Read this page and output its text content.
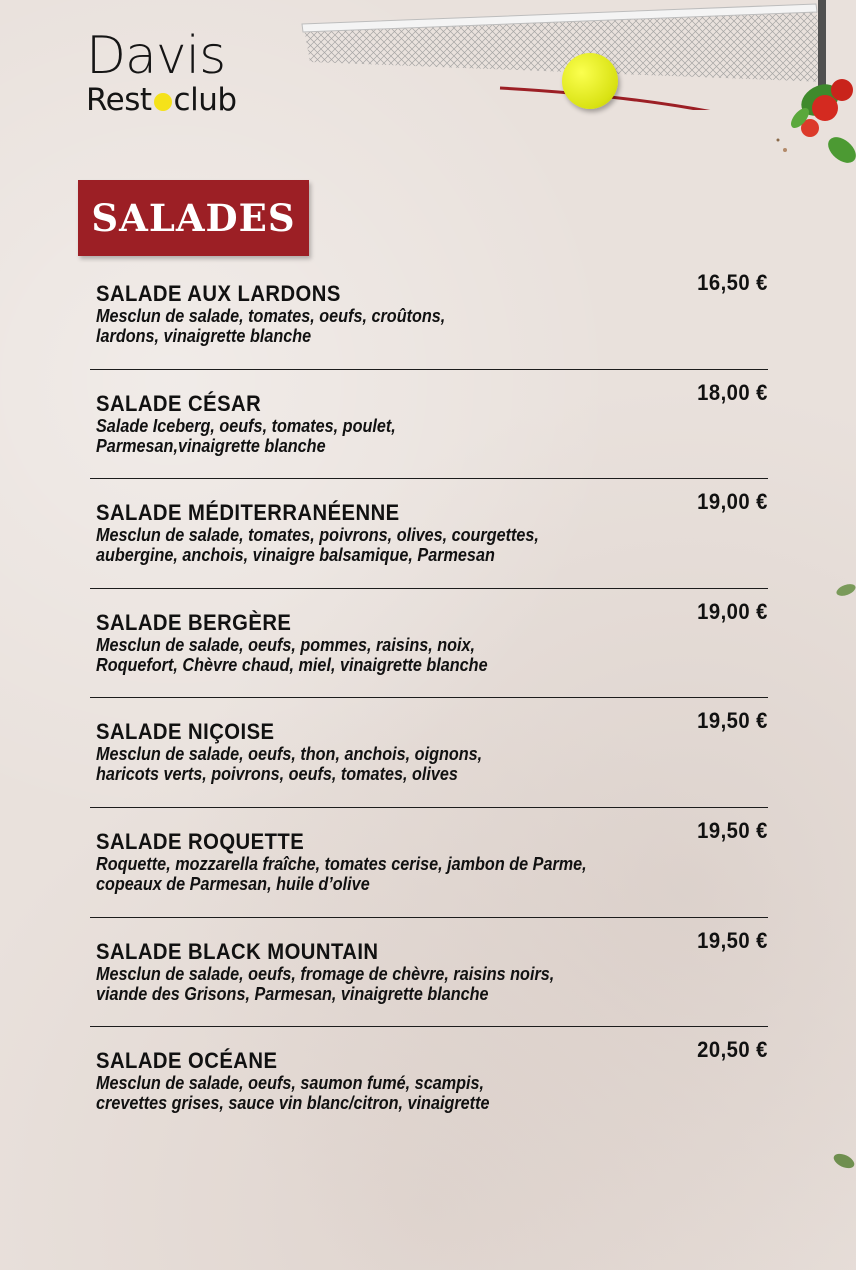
Davis
Rest club
SALADES
SALADE AUX LARDONS
Mesclun de salade, tomates, oeufs, croûtons,
lardons, vinaigrette blanche
16,50 €
SALADE CÉSAR
Salade Iceberg, oeufs, tomates, poulet,
Parmesan,vinaigrette blanche
18,00 €
SALADE MÉDITERRANÉENNE
Mesclun de salade, tomates, poivrons, olives, courgettes,
aubergine, anchois, vinaigre balsamique, Parmesan
19,00 €
SALADE BERGÈRE
Mesclun de salade, oeufs, pommes, raisins, noix,
Roquefort, Chèvre chaud, miel, vinaigrette blanche
19,00 €
SALADE NIÇOISE
Mesclun de salade, oeufs, thon, anchois, oignons,
haricots verts, poivrons, oeufs, tomates, olives
19,50 €
SALADE ROQUETTE
Roquette, mozzarella fraîche, tomates cerise, jambon de Parme,
copeaux de Parmesan, huile d’olive
19,50 €
SALADE BLACK MOUNTAIN
Mesclun de salade, oeufs, fromage de chèvre, raisins noirs,
viande des Grisons, Parmesan, vinaigrette blanche
19,50 €
SALADE OCÉANE
Mesclun de salade, oeufs, saumon fumé, scampis,
crevettes grises, sauce vin blanc/citron, vinaigrette
20,50 €
